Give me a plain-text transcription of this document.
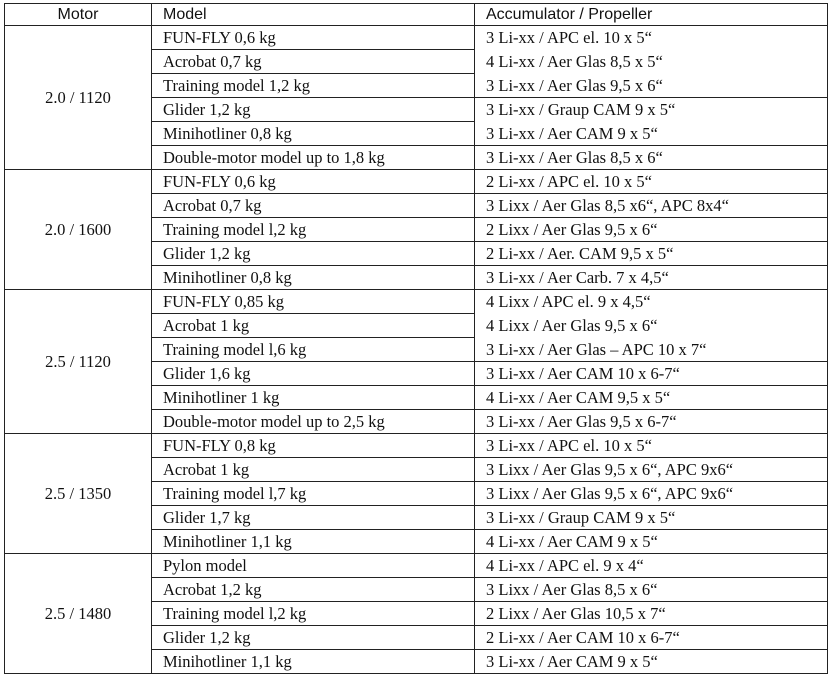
Motor	Model	Accumulator / Propeller
2.0 / 1120	FUN-FLY 0,6 kg	3 Li-xx / APC el. 10 x 5“
	Acrobat 0,7 kg	4 Li-xx / Aer Glas 8,5 x 5“
	Training model 1,2 kg	3 Li-xx / Aer Glas 9,5 x 6“
	Glider 1,2 kg	3 Li-xx / Graup CAM 9 x 5“
	Minihotliner 0,8 kg	3 Li-xx / Aer CAM 9 x 5“
	Double-motor model up to 1,8 kg	3 Li-xx / Aer Glas 8,5 x 6“
2.0 / 1600	FUN-FLY 0,6 kg	2 Li-xx / APC el. 10 x 5“
	Acrobat 0,7 kg	3 Lixx / Aer Glas 8,5 x6“, APC 8x4“
	Training model l,2 kg	2 Lixx / Aer Glas 9,5 x 6“
	Glider 1,2 kg	2 Li-xx / Aer. CAM 9,5 x 5“
	Minihotliner 0,8 kg	3 Li-xx / Aer Carb. 7 x 4,5“
2.5 / 1120	FUN-FLY 0,85 kg	4 Lixx / APC el. 9 x 4,5“
	Acrobat 1 kg	4 Lixx / Aer Glas 9,5 x 6“
	Training model l,6 kg	3 Li-xx / Aer Glas – APC 10 x 7“
	Glider 1,6 kg	3 Li-xx / Aer CAM 10 x 6-7“
	Minihotliner 1 kg	4 Li-xx / Aer CAM 9,5 x 5“
	Double-motor model up to 2,5 kg	3 Li-xx / Aer Glas 9,5 x 6-7“
2.5 / 1350	FUN-FLY 0,8 kg	3 Li-xx / APC el. 10 x 5“
	Acrobat 1 kg	3 Lixx / Aer Glas 9,5 x 6“, APC 9x6“
	Training model l,7 kg	3 Lixx / Aer Glas 9,5 x 6“, APC 9x6“
	Glider 1,7 kg	3 Li-xx / Graup CAM 9 x 5“
	Minihotliner 1,1 kg	4 Li-xx / Aer CAM 9 x 5“
2.5 / 1480	Pylon model	4 Li-xx / APC el. 9 x 4“
	Acrobat 1,2 kg	3 Lixx / Aer Glas 8,5 x 6“
	Training model l,2 kg	2 Lixx / Aer Glas 10,5 x 7“
	Glider 1,2 kg	2 Li-xx / Aer CAM 10 x 6-7“
	Minihotliner 1,1 kg	3 Li-xx / Aer CAM 9 x 5“
